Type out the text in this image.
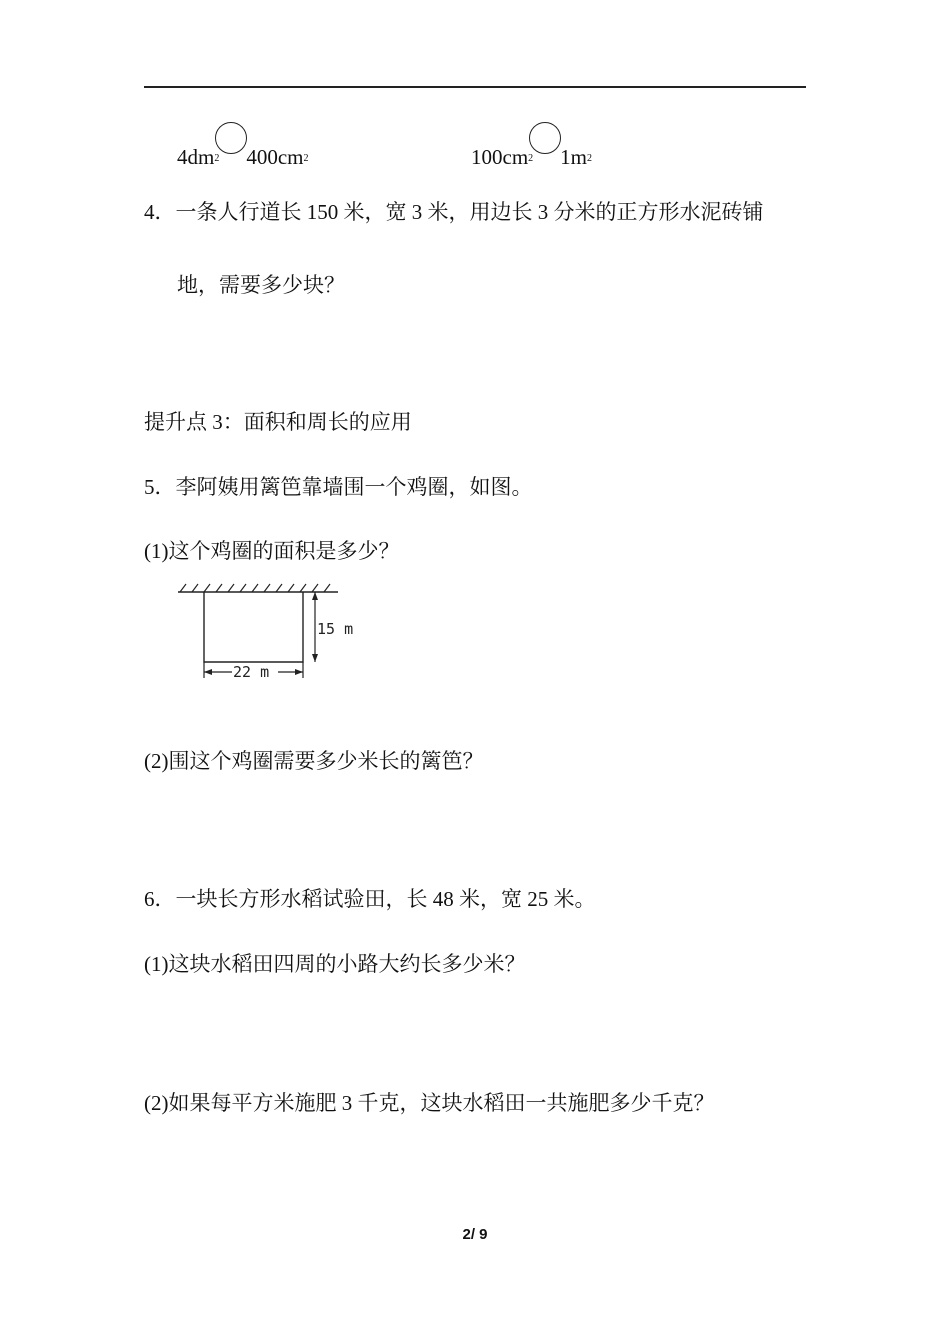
$4dm^2$ $400cm^2$	$100cm^2$ $1m^2$
4．一条人行道长 150 米，宽 3 米，用边长 3 分米的正方形水泥砖铺
地，需要多少块？
提升点 3：面积和周长的应用
5．李阿姨用篱笆靠墙围一个鸡圈，如图。
(1)这个鸡圈的面积是多少？
15 m
22 m
(2)围这个鸡圈需要多少米长的篱笆？
6．一块长方形水稻试验田，长 48 米，宽 25 米。
(1)这块水稻田四周的小路大约长多少米？
(2)如果每平方米施肥 3 千克，这块水稻田一共施肥多少千克？
2/ 9
